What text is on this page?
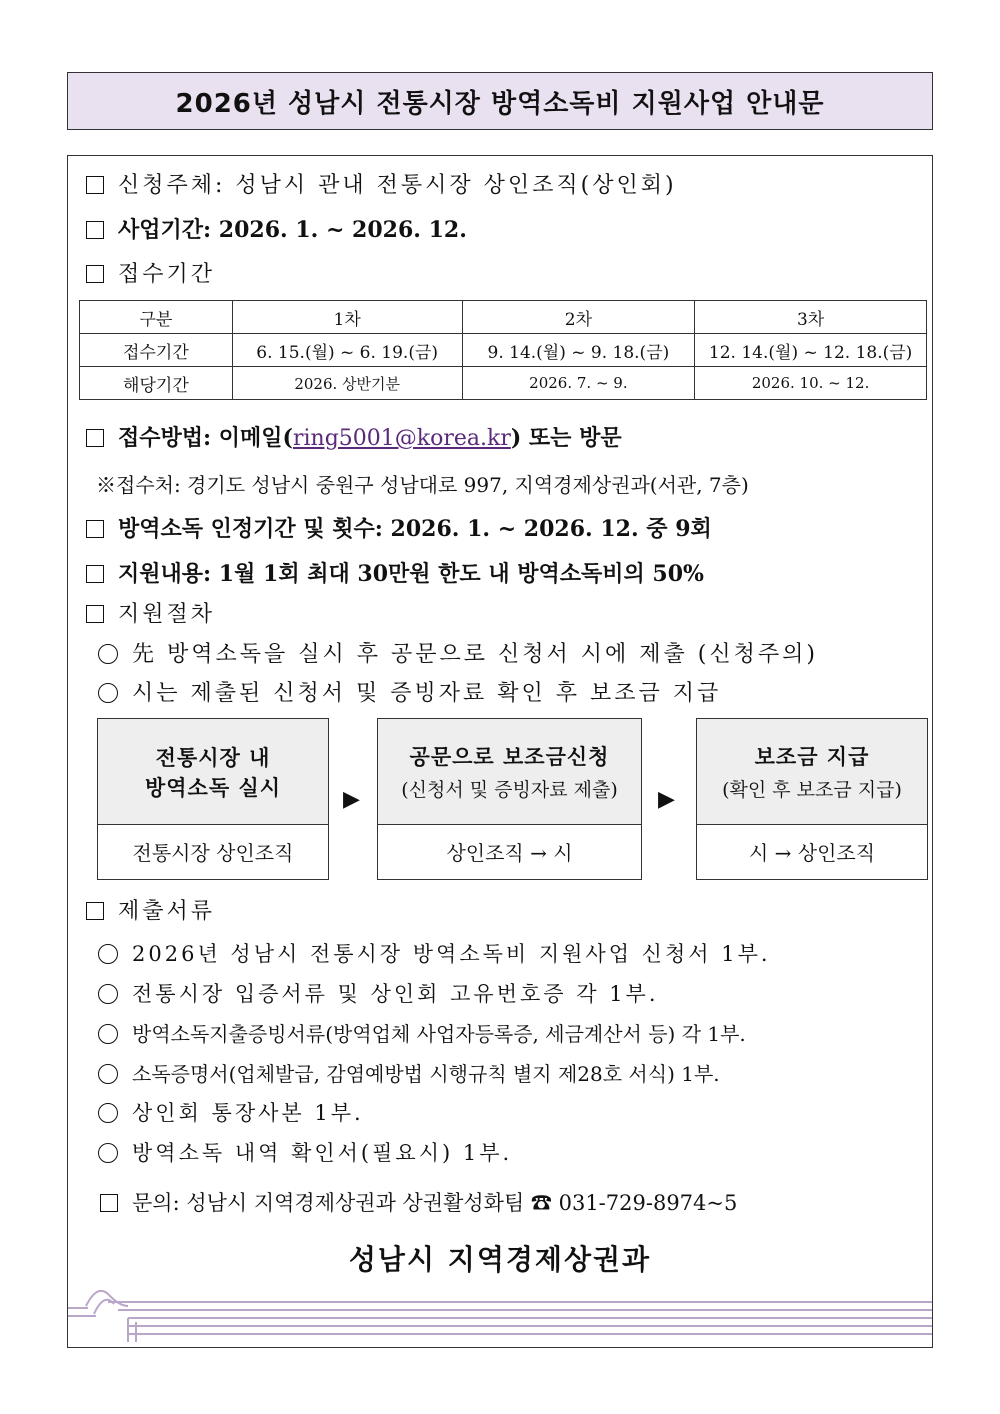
2026년 성남시 전통시장 방역소독비 지원사업 안내문
신청주체: 성남시 관내 전통시장 상인조직(상인회)
사업기간: 2026. 1. ~ 2026. 12.
접수기간
구분	1차	2차	3차
접수기간	6. 15.(월) ~ 6. 19.(금)	9. 14.(월) ~ 9. 18.(금)	12. 14.(월) ~ 12. 18.(금)
해당기간	2026. 상반기분	2026. 7. ~ 9.	2026. 10. ~ 12.
접수방법: 이메일(ring5001@korea.kr) 또는 방문
※접수처: 경기도 성남시 중원구 성남대로 997, 지역경제상권과(서관, 7층)
방역소독 인정기간 및 횟수: 2026. 1. ~ 2026. 12. 중 9회
지원내용: 1월 1회 최대 30만원 한도 내 방역소독비의 50%
지원절차
先 방역소독을 실시 후 공문으로 신청서 시에 제출 (신청주의)
시는 제출된 신청서 및 증빙자료 확인 후 보조금 지급
전통시장 내
방역소독 실시
전통시장 상인조직
▶
공문으로 보조금신청
(신청서 및 증빙자료 제출)
상인조직 → 시
▶
보조금 지급
(확인 후 보조금 지급)
시 → 상인조직
제출서류
2026년 성남시 전통시장 방역소독비 지원사업 신청서 1부.
전통시장 입증서류 및 상인회 고유번호증 각 1부.
방역소독지출증빙서류(방역업체 사업자등록증, 세금계산서 등) 각 1부.
소독증명서(업체발급, 감염예방법 시행규칙 별지 제28호 서식) 1부.
상인회 통장사본 1부.
방역소독 내역 확인서(필요시) 1부.
문의: 성남시 지역경제상권과 상권활성화팀 ☎ 031-729-8974~5
성남시 지역경제상권과
